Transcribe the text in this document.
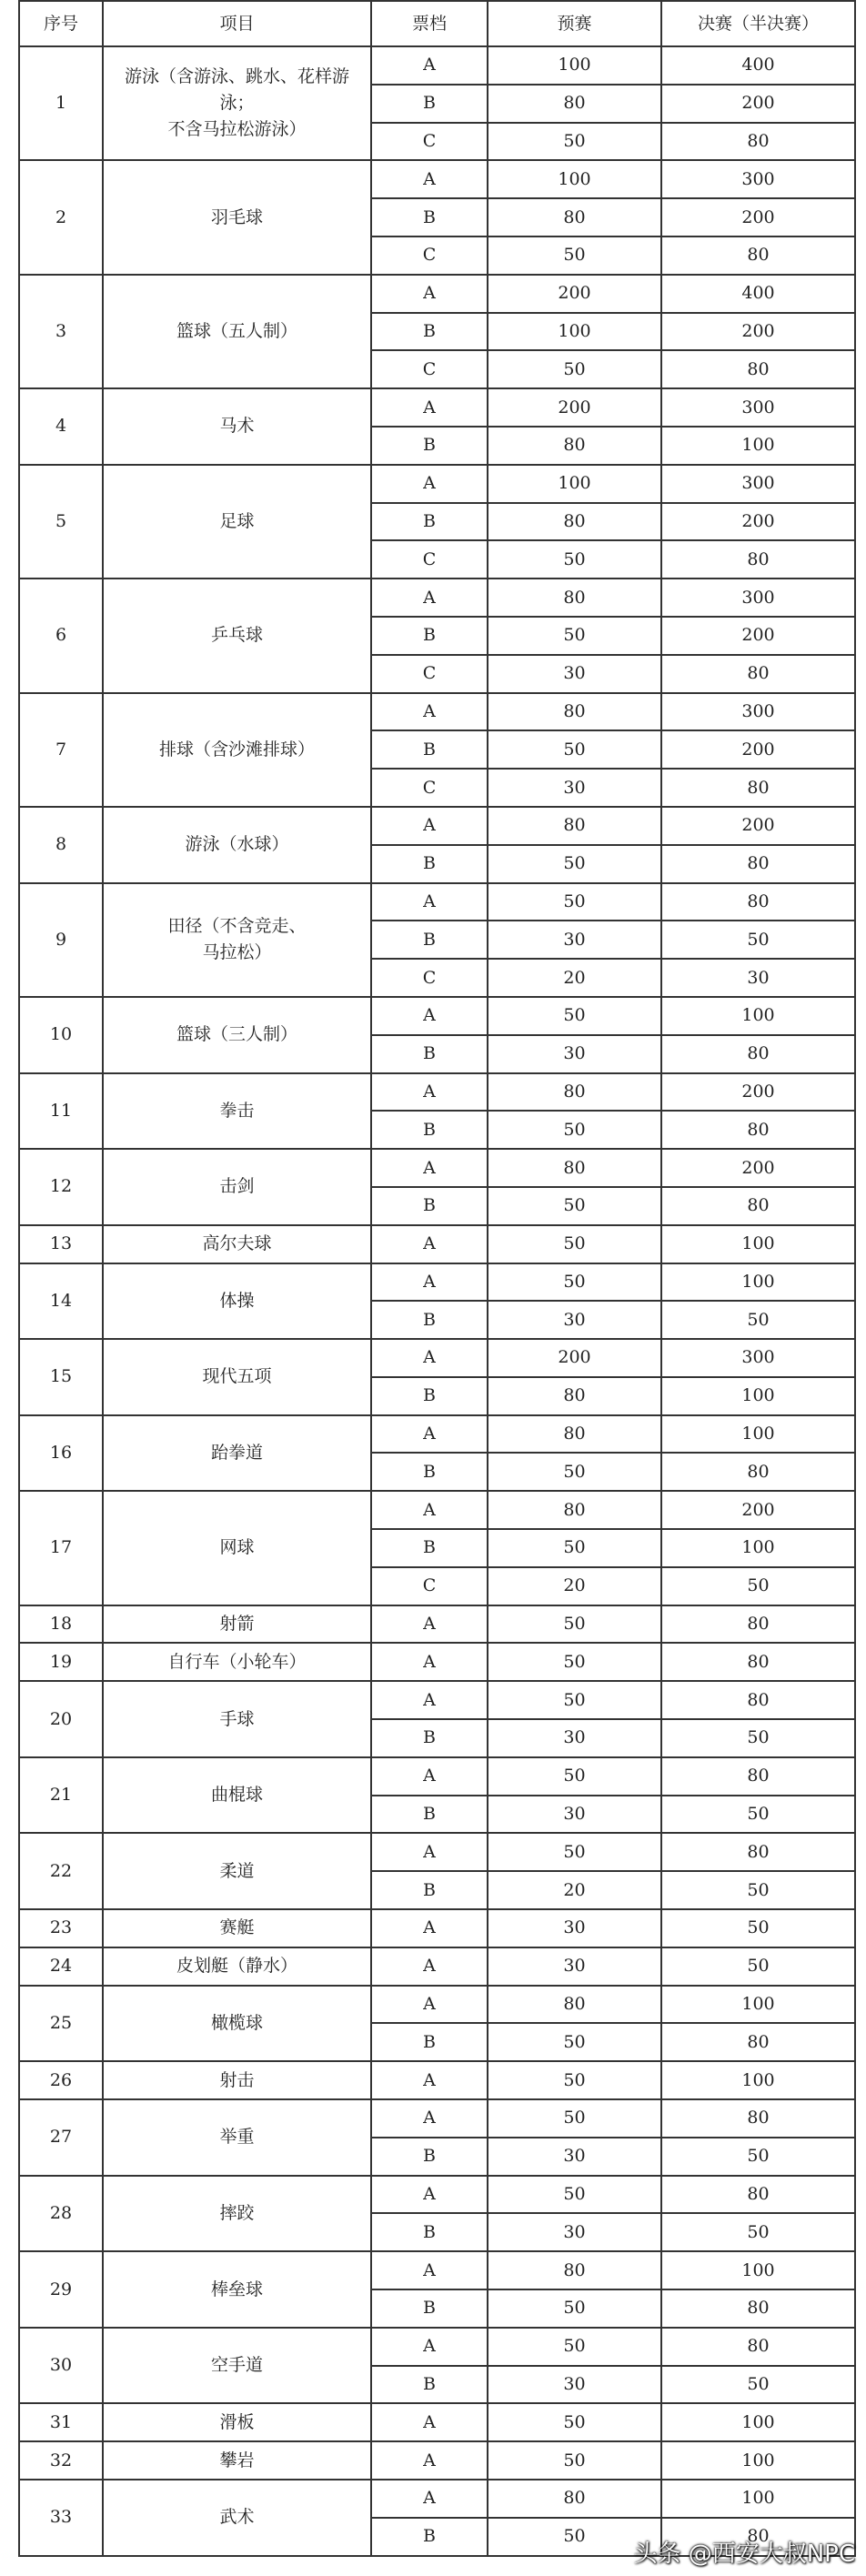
序号	项目	票档	预赛	决赛（半决赛）
1	游泳（含游泳、跳水、花样游泳；
不含马拉松游泳）	A	100	400
		B	80	200
		C	50	80
2	羽毛球	A	100	300
		B	80	200
		C	50	80
3	篮球（五人制）	A	200	400
		B	100	200
		C	50	80
4	马术	A	200	300
		B	80	100
5	足球	A	100	300
		B	80	200
		C	50	80
6	乒乓球	A	80	300
		B	50	200
		C	30	80
7	排球（含沙滩排球）	A	80	300
		B	50	200
		C	30	80
8	游泳（水球）	A	80	200
		B	50	80
9	田径（不含竞走、
马拉松）	A	50	80
		B	30	50
		C	20	30
10	篮球（三人制）	A	50	100
		B	30	80
11	拳击	A	80	200
		B	50	80
12	击剑	A	80	200
		B	50	80
13	高尔夫球	A	50	100
14	体操	A	50	100
		B	30	50
15	现代五项	A	200	300
		B	80	100
16	跆拳道	A	80	100
		B	50	80
17	网球	A	80	200
		B	50	100
		C	20	50
18	射箭	A	50	80
19	自行车（小轮车）	A	50	80
20	手球	A	50	80
		B	30	50
21	曲棍球	A	50	80
		B	30	50
22	柔道	A	50	80
		B	20	50
23	赛艇	A	30	50
24	皮划艇（静水）	A	30	50
25	橄榄球	A	80	100
		B	50	80
26	射击	A	50	100
27	举重	A	50	80
		B	30	50
28	摔跤	A	50	80
		B	30	50
29	棒垒球	A	80	100
		B	50	80
30	空手道	A	50	80
		B	30	50
31	滑板	A	50	100
32	攀岩	A	50	100
33	武术	A	80	100
		B	50	80
头条 @西安大叔NPC
